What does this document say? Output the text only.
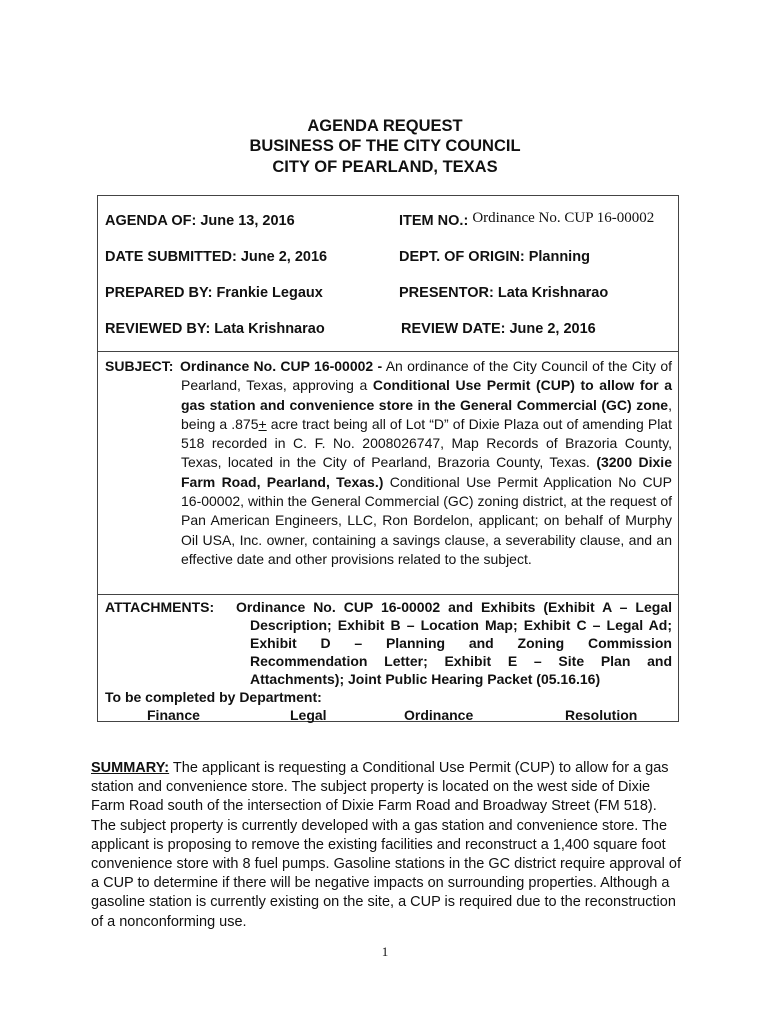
AGENDA REQUEST
BUSINESS OF THE CITY COUNCIL
CITY OF PEARLAND, TEXAS
AGENDA OF: June 13, 2016	ITEM NO.: Ordinance No. CUP 16-00002
DATE SUBMITTED: June 2, 2016	DEPT. OF ORIGIN: Planning
PREPARED BY: Frankie Legaux	PRESENTOR: Lata Krishnarao
REVIEWED BY: Lata Krishnarao	REVIEW DATE: June 2, 2016
SUBJECT: Ordinance No. CUP 16-00002 - An ordinance of the City Council of the City of Pearland, Texas, approving a Conditional Use Permit (CUP) to allow for a gas station and convenience store in the General Commercial (GC) zone, being a .875+ acre tract being all of Lot “D” of Dixie Plaza out of amending Plat 518 recorded in C. F. No. 2008026747, Map Records of Brazoria County, Texas, located in the City of Pearland, Brazoria County, Texas. (3200 Dixie Farm Road, Pearland, Texas.) Conditional Use Permit Application No CUP 16-00002, within the General Commercial (GC) zoning district, at the request of Pan American Engineers, LLC, Ron Bordelon, applicant; on behalf of Murphy Oil USA, Inc. owner, containing a savings clause, a severability clause, and an effective date and other provisions related to the subject.
ATTACHMENTS: Ordinance No. CUP 16-00002 and Exhibits (Exhibit A – Legal Description; Exhibit B – Location Map; Exhibit C – Legal Ad; Exhibit D – Planning and Zoning Commission Recommendation Letter; Exhibit E – Site Plan and Attachments); Joint Public Hearing Packet (05.16.16)
To be completed by Department:
Finance	Legal	Ordinance	Resolution
SUMMARY: The applicant is requesting a Conditional Use Permit (CUP) to allow for a gas station and convenience store. The subject property is located on the west side of Dixie Farm Road south of the intersection of Dixie Farm Road and Broadway Street (FM 518). The subject property is currently developed with a gas station and convenience store. The applicant is proposing to remove the existing facilities and reconstruct a 1,400 square foot convenience store with 8 fuel pumps. Gasoline stations in the GC district require approval of a CUP to determine if there will be negative impacts on surrounding properties. Although a gasoline station is currently existing on the site, a CUP is required due to the reconstruction of a nonconforming use.
1
